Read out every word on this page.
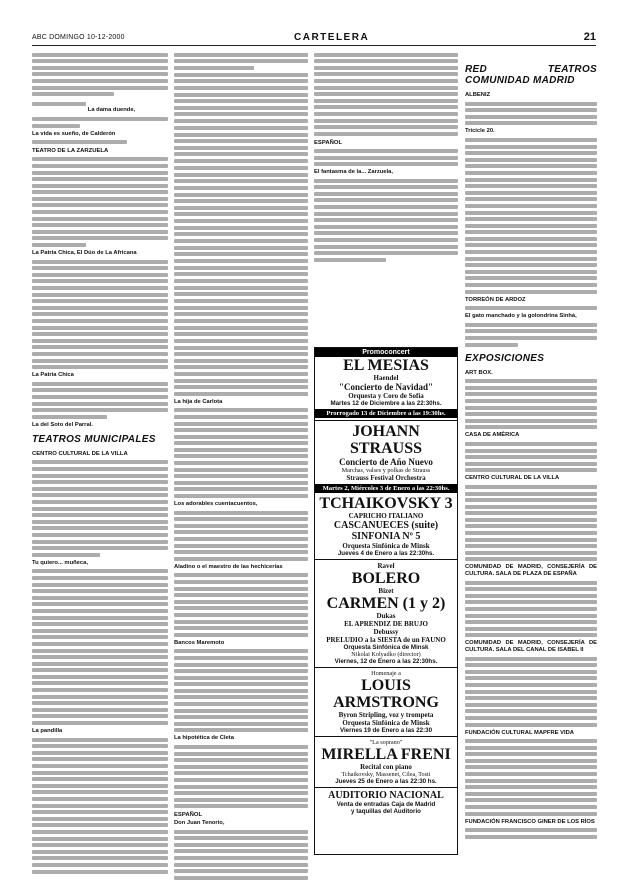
ABC DOMINGO 10-12-2000	CARTELERA	21

La dama duende,

La vida es sueño, de Calderón

TEATRO DE LA ZARZUELA

La Patria Chica, El Dúo de La Africana

La Patria Chica

La del Soto del Parral.

TEATROS MUNICIPALES
CENTRO CULTURAL DE LA VILLA

Tu quiero... muñeca,

La pandilla

La hija de Carlota

Los adorables cuentacuentos,

Aladino o el maestro de las hechicerías

Bancos Maremoto

La hipotética de Cleta

ESPAÑOL

Don Juan Tenorio,

ESPAÑOL

El fantasma de la... Zarzuela,

Promoconcert
EL MESIAS
Haendel
"Concierto de Navidad"
Orquesta y Coro de Sofía
Martes 12 de Diciembre a las 22:30hs.
Prorrogado 13 de Diciembre a las 19:30hs.
JOHANN STRAUSS
Concierto de Año Nuevo
Marchas, valses y polkas de Strauss
Strauss Festival Orchestra
Martes 2, Miércoles 3 de Enero a las 22:30hs.
TCHAIKOVSKY 3
CAPRICHO ITALIANO
CASCANUECES (suite)
SINFONIA Nº 5
Orquesta Sinfónica de Minsk
Jueves 4 de Enero a las 22:30hs.
Ravel
BOLERO
Bizet
CARMEN (1 y 2)
Dukas
EL APRENDIZ DE BRUJO
Debussy
PRELUDIO a la SIESTA de un FAUNO
Orquesta Sinfónica de Minsk
Nikolai Kolyadko (director)
Viernes, 12 de Enero a las 22:30hs.
Homenaje a
LOUIS ARMSTRONG
Byron Stripling, voz y trompeta
Orquesta Sinfónica de Minsk
Viernes 19 de Enero a las 22:30
"La soprano"
MIRELLA FRENI
Recital con piano
Tchaikovsky, Massenet, Cilea, Tosti
Jueves 25 de Enero a las 22:30 hs.
AUDITORIO NACIONAL
Venta de entradas Caja de Madrid
y taquillas del Auditorio
RED TEATROS COMUNIDAD MADRID

ALBENIZ

Tricicle 20.

TORREÓN DE ARDOZ

El gato manchado y la golondrina Sinhá,

EXPOSICIONES

ART BOX.

CASA DE AMÉRICA

CENTRO CULTURAL DE LA VILLA

COMUNIDAD DE MADRID, CONSEJERÍA DE CULTURA. SALA DE PLAZA DE ESPAÑA

COMUNIDAD DE MADRID, CONSEJERÍA DE CULTURA. SALA DEL CANAL DE ISABEL II

FUNDACIÓN CULTURAL MAPFRE VIDA

FUNDACIÓN FRANCISCO GINER DE LOS RÍOS
